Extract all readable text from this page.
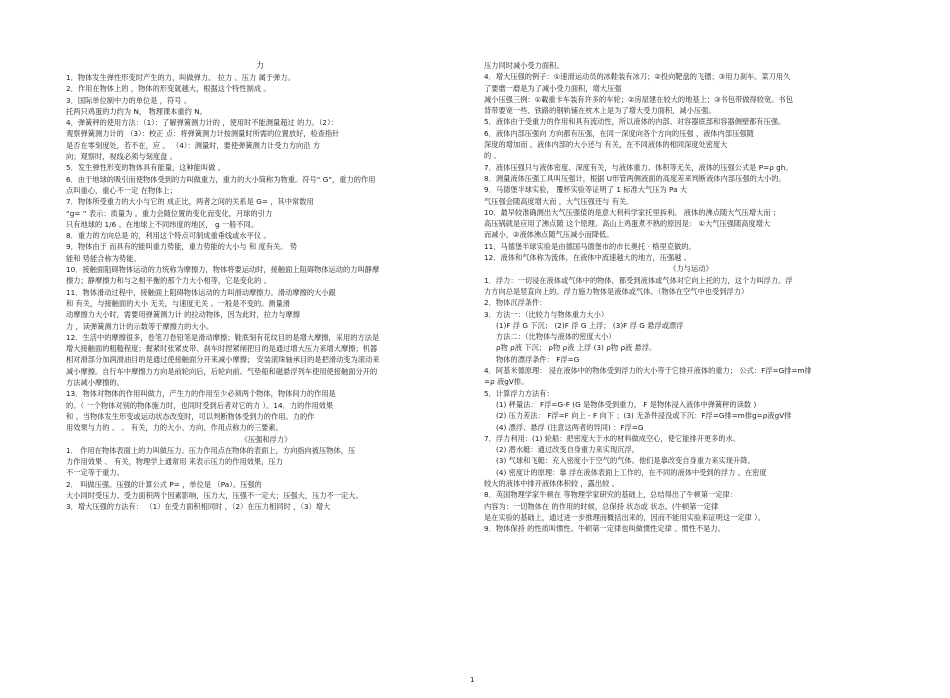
力
1．物体发生弹性形变时产生的力，叫做弹力。 拉力 、压力 属于弹力。
2．作用在物体上的 ，物体的形变就越大，根据这个特性制成 。
3．国际单位制中力的单位是 ，符号 。
托两只鸡蛋的力约为 N， 物理课本重约 N。
4．弹簧秤的使用方法：（1）：了解弹簧测力计的 ，使用时不能测量超过 的力。（2）：
观察弹簧测力计的 （3）：校正 点：将弹簧测力计按测量时所需的位置放好，检查指针
是否在零刻度处，若不在，应 。 （4）：测量时，要使弹簧测力计受力方向沿 方
向；观察时，视线必须与刻度盘 。
5．发生弹性形变的物体具有能量，这种能叫做 。
6．由于地球的吸引而使物体受到的力叫做重力，重力的大小简称为物重。符号“ G”，重力的作用
点叫重心，重心不一定 在物体上；
7．物体所受重力的大小与它的 成正比，两者之间的关系是 G= ，其中常数用
“g= ” 表示：质量为 。重力会随位置的变化而变化，月球的引力
只有地球的 1/6 。在地球上不同纬度的地区， g 一般不同。
8．重力的方向总是 的，利用这个特点可制成重垂线或水平仪 。
9．物体由于 而具有的能叫重力势能，重力势能的大小与 和 度有关。 势
能和 势能合称为势能。
10．接触面阻碍物体运动的力统称为摩擦力，物体将要运动时，接触面上阻碍物体运动的力叫静摩
擦力；静摩擦力和与之相平衡的那个力大小相等，它是变化的 。
11．物体滑动过程中，接触面上阻碍物体运动的力叫滑动摩擦力。滑动摩擦的大小跟
和 有关，与接触面的大小 无关，与速度无关 。一般是不变的。测量滑
动摩擦力大小时，需要用弹簧测力计 的拉动物体，因为此时，拉力与摩擦
力 ，读弹簧测力计的示数等于摩擦力的大小。
12．生活中的摩擦很多，卷笔刀卷铅笔是滑动摩擦；鞋底刻有花纹目的是增大摩擦，采用的方法是
增大接触面的粗糙程度；握紧时张紧皮带、刹车时捏紧闸把目的是通过增大压力来增大摩擦；机器
相对滑部分加润滑油目的是通过使接触面分开来减小摩擦； 安装滚珠轴承目的是把滑动变为滚动来
减小摩擦。自行车中摩擦力方向是前轮向后，后轮向前。气垫船和磁悬浮列车使用使接触面分开的
方法减小摩擦的。
13．物体对物体的作用叫做力，产生力的作用至少必须两个物体，物体间力的作用是
的。（ 一个物体对别的物体施力时，也同时受到后者对它的力 ）。14．力的作用效果
和 。当物体发生形变或运动状态改变时，可以判断物体受到力的作用。力的作
用效果与力的 、 、 有关，力的大小、方向、作用点称力的三要素。
《压强和浮力》
1． 作用在物体表面上的力叫做压力。压力作用点在物体的表面上，方向指向被压物体，压
力作用效果 、 有关，物理学上通常用 来表示压力的作用效果，压力
不一定等于重力。
2． 叫做压强。压强的计算公式 P= ，单位是 （Pa）。压强的
大小同时受压力、受力面积两个因素影响，压力大，压强不一定大；压强大，压力不一定大。
3．增大压强的方法有： （1）在受力面积相同时 ，（2）在压力相同时 ，（3）增大
压力同时减小受力面积。
4．增大压强的例子：①速滑运动员的冰鞋装有冰刀；②投向靶盘的飞镖；③用力刹车。菜刀用久
了要磨一磨是为了减小受力面积，增大压强
减小压强三例：①載重卡车装有许多的车轮；②房屋建在较大的地基上；③书包带做得较宽。书包
背带要宽一些、铁路的钢轨铺在枕木上是为了增大受力面积，减小压强。
5．液体由于受重力的作用和具有流动性，所以液体的内部、对容器底部和容器侧壁都有压强。
6．液体内部压强向 方向都有压强，在同一深度向各个方向的压强 ，液体内部压强随
深度的增加而 ，液体内部的大小还与 有关，在不同液体的相同深度处密度大
的 。
7．液体压强只与液体密度、深度有关，与液体重力、体积等无关，液体的压强公式是 P=ρ gh。
8．测量液体压强工具叫压强计，根据 U形管两侧液面的高度差来判断液体内部压强的大小的。
9．马德堡半球实验， 覆杯实验等证明了 1 标准大气压为 Pa 大
气压强会随高度增大而 ，大气压强还与 有关。
10．最早较准确测出大气压强值的是意大利科学家托里拆利。 液体的沸点随大气压增大而 ；
高压锅就是应用了沸点随 这个原理。高山上鸡蛋煮不熟的原因是： ①大气压强随高度增大
而减小，②液体沸点随气压减小而降低。
11．马德堡半球实验是由德国马德堡市的市长奥托 · 格里克做的。
12．液体和气体称为流体，在液体中流速越大的地方，压强越 。
《力与运动》
1．浮力：一切浸在液体或气体中的物体，都受到液体或气体对它向上托的力，这个力叫浮力。浮
力方向总是竖直向上的。浮力施力物体是液体或气体。（物体在空气中也受到浮力）
2．物体沉浮条件：
3．方法一：（比较力与物体重力大小）
(1)F 浮 G 下沉； (2)F 浮 G 上浮； (3)F 浮 G 悬浮或漂浮
方法二：（比物体与液体的密度大小）
ρ物 ρ液 下沉； ρ物 ρ液 上浮 (3) ρ物 ρ液 悬浮。
物体的漂浮条件： F浮=G
4．阿基米德原理： 浸在液体中的物体受到浮力的大小等于它排开液体的重力； 公式：F浮=G排=m排
=ρ 液gV排。
5．计算浮力方法有：
(1) 秤量法： F浮=G-F (G 是物体受到重力， F 是物体浸入液体中弹簧秤的读数 )
(2) 压力差法： F浮=F 向上 - F 向下 ；(3) 无条件浸没或下沉：F浮=G排=m排g=ρ液gV排
(4) 漂浮、悬浮 (注意这两者的异同) ：F浮=G
7．浮力利用：(1) 轮船：把密度大于水的材料做成空心，使它能排开更多的水。
(2) 潜水艇：通过改变自身重力来实现沉浮。
(3) 气球和飞艇：充入密度小于空气的气体。他们是靠改变自身重力来实现升降。
(4) 密度计的原理：靠 浮在液体表面上工作的，在不同的液体中受到的浮力 ，在密度
较大的液体中排开液体体积较 ，露出较 。
8．英国物理学家牛顿在 等物理学家研究的基础上，总结得出了牛顿第一定律：
内容为：一切物体在 的作用的时候，总保持 状态或 状态。(牛顿第一定律
是在实验的基础上，通过进一步推理而概括出来的，因而不能用实验来证明这一定律 ）。
9．物体保持 的性质叫惯性。牛顿第一定律也叫做惯性定律 。惯性不是力。
1
